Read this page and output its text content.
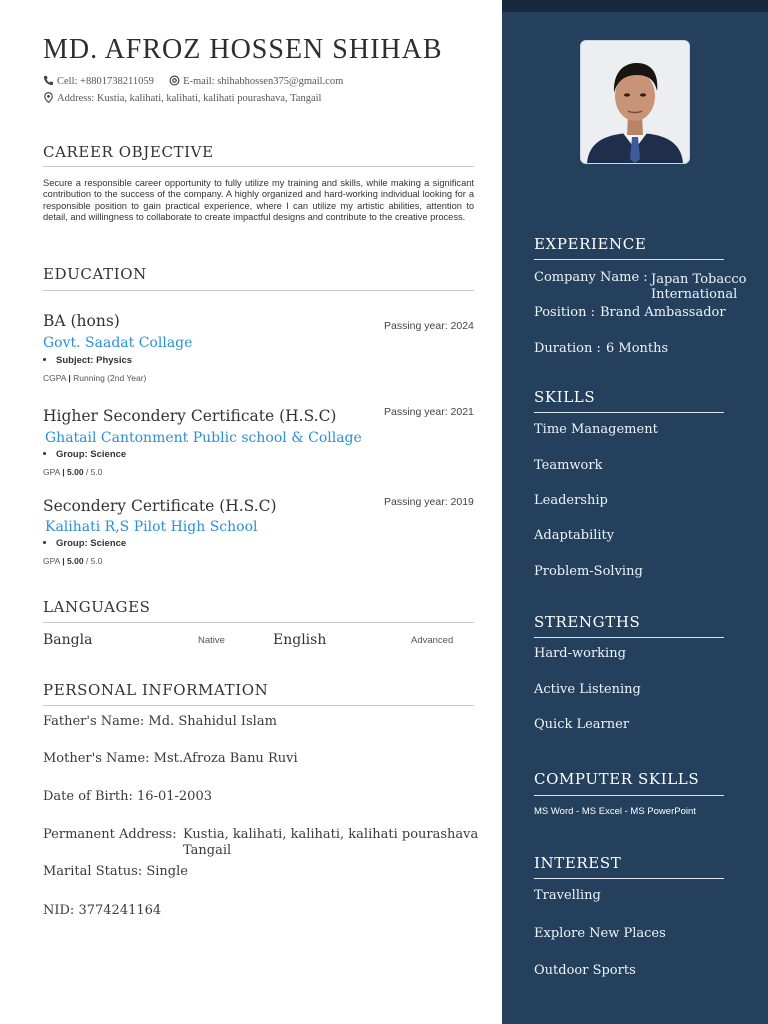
MD. AFROZ HOSSEN SHIHAB
Cell: +8801738211059	E-mail: shihabhossen375@gmail.com
Address: Kustia, kalihati, kalihati, kalihati pourashava, Tangail
CAREER OBJECTIVE
Secure a responsible career opportunity to fully utilize my training and skills, while making a significant contribution to the success of the company. A highly organized and hard-working individual looking for a responsible position to gain practical experience, where I can utilize my artistic abilities, attention to detail, and willingness to collaborate to create impactful designs and contribute to the creative process.
EDUCATION
BA (hons)	Passing year: 2024
Govt. Saadat Collage
Subject: Physics
CGPA | Running (2nd Year)
Higher Secondery Certificate (H.S.C)	Passing year: 2021
Ghatail Cantonment Public school & Collage
Group: Science
GPA | 5.00 / 5.0
Secondery Certificate (H.S.C)	Passing year: 2019
Kalihati R,S Pilot High School
Group: Science
GPA | 5.00 / 5.0
LANGUAGES
Bangla	Native	English	Advanced
PERSONAL INFORMATION
Father's Name: Md. Shahidul Islam
Mother's Name: Mst.Afroza Banu Ruvi
Date of Birth: 16-01-2003
Permanent Address: Kustia, kalihati, kalihati, kalihati pourashava
Tangail
Marital Status: Single
NID: 3774241164
EXPERIENCE
Company Name : Japan Tobacco
International
Position : Brand Ambassador
Duration : 6 Months
SKILLS
Time Management
Teamwork
Leadership
Adaptability
Problem-Solving
STRENGTHS
Hard-working
Active Listening
Quick Learner
COMPUTER SKILLS
MS Word - MS Excel - MS PowerPoint
INTEREST
Travelling
Explore New Places
Outdoor Sports
